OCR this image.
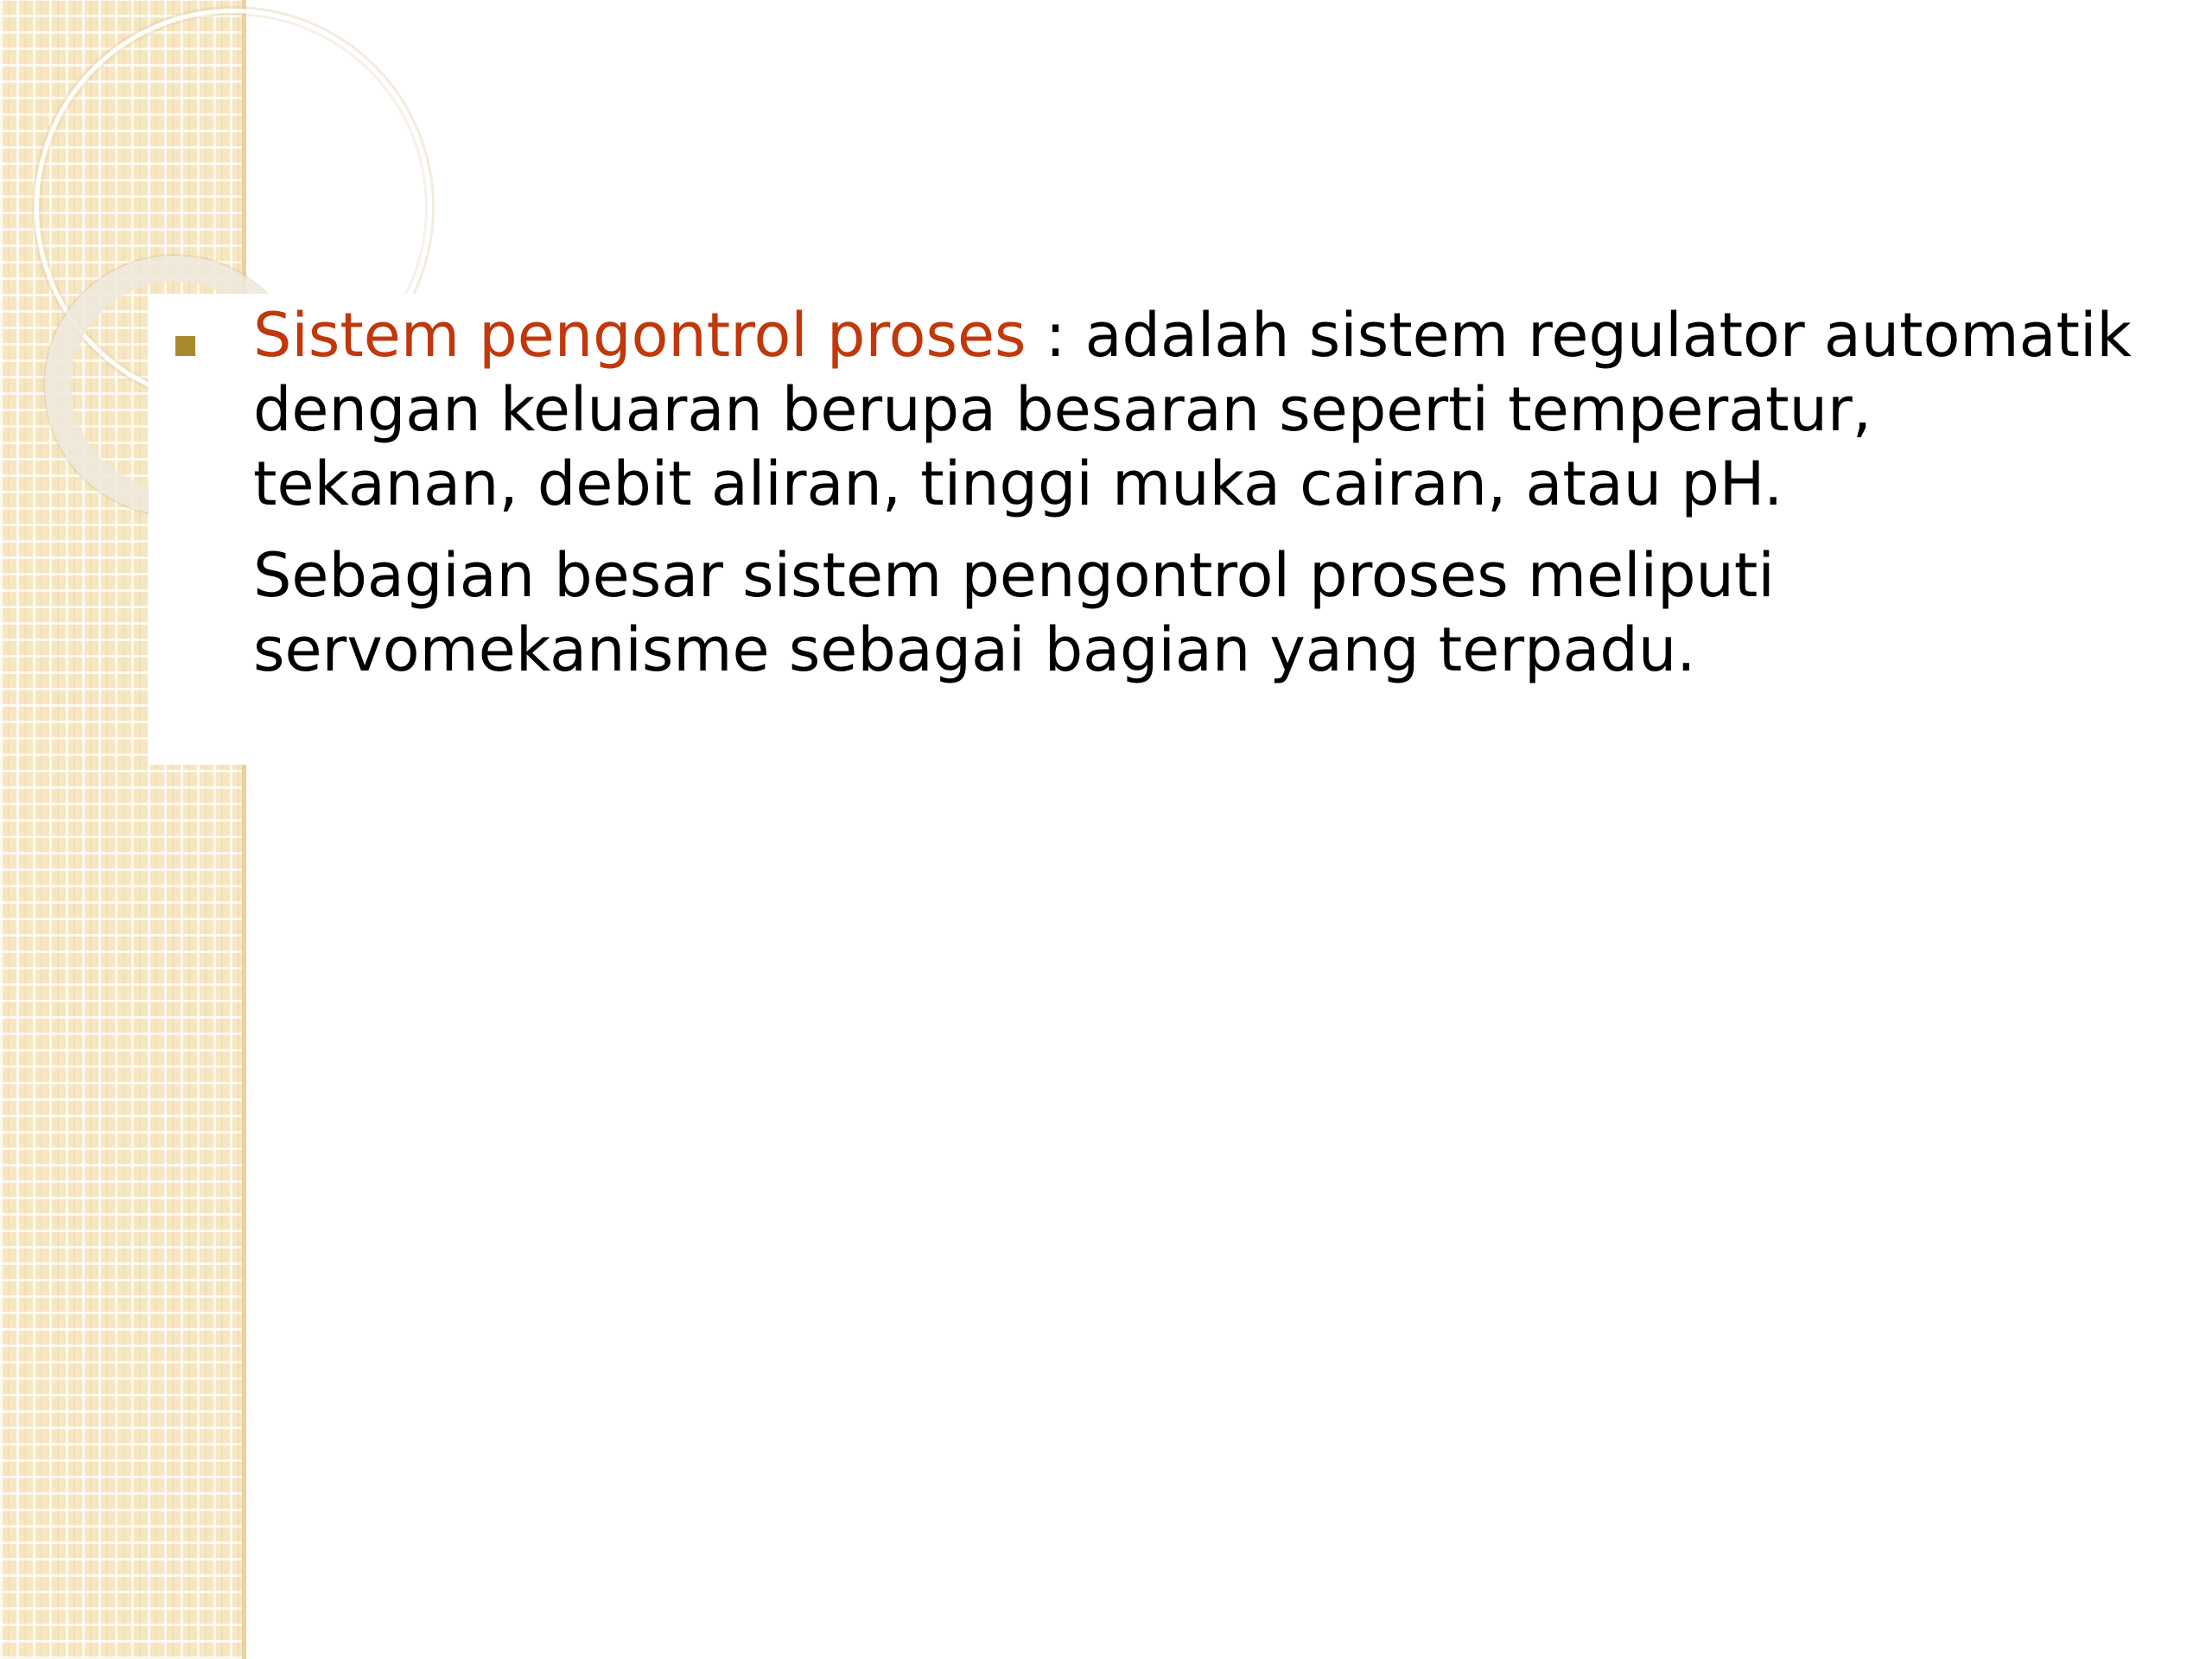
Sistem pengontrol proses : adalah sistem regulator automatik dengan keluaran berupa besaran seperti temperatur, tekanan, debit aliran, tinggi muka cairan, atau pH.

Sebagian besar sistem pengontrol proses meliputi servomekanisme sebagai bagian yang terpadu.
